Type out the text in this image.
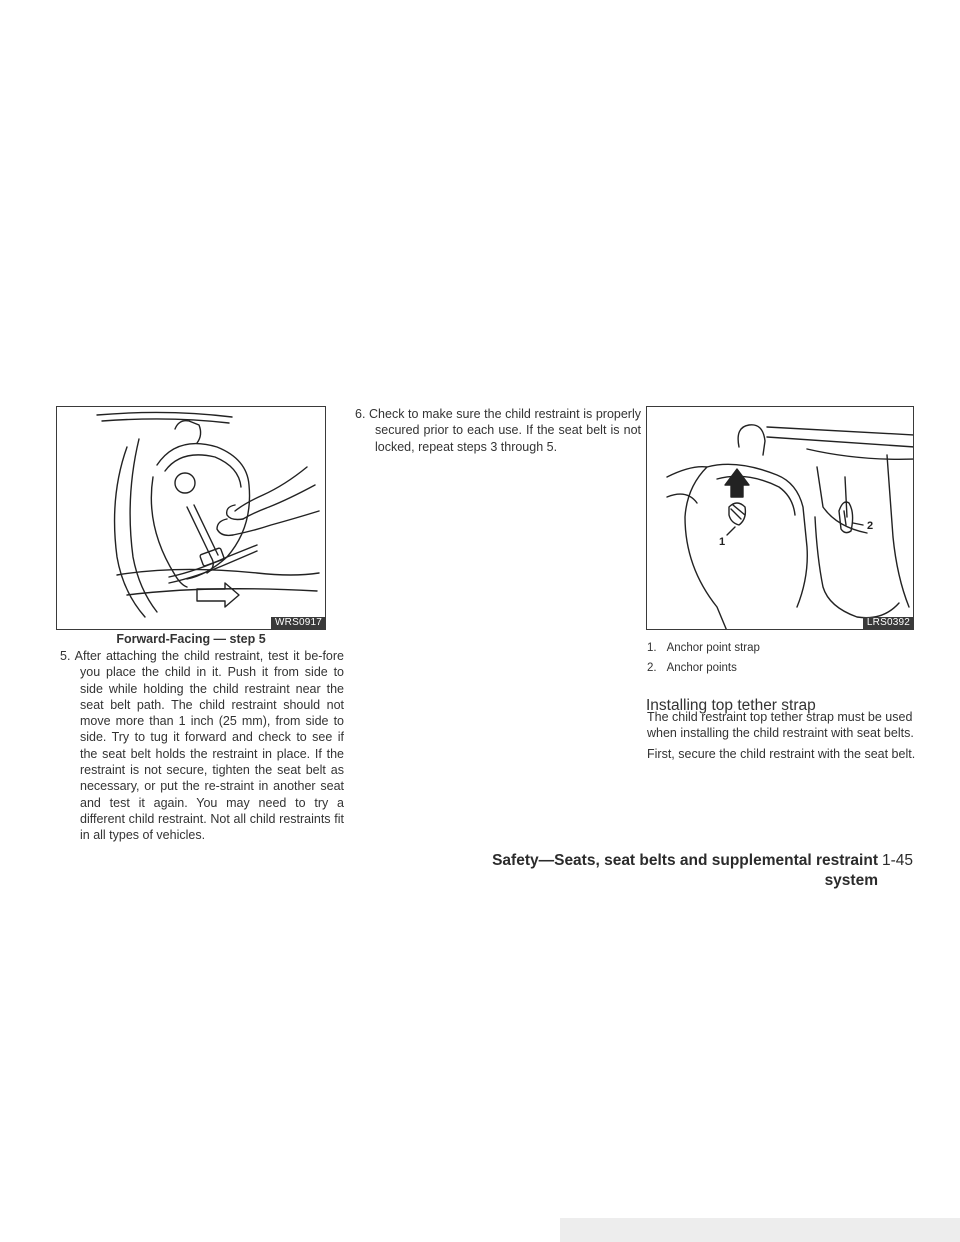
WRS0917
Forward-Facing — step 5
5. After attaching the child restraint, test it be-fore you place the child in it. Push it from side to side while holding the child restraint near the seat belt path. The child restraint should not move more than 1 inch (25 mm), from side to side. Try to tug it forward and check to see if the seat belt holds the restraint in place. If the restraint is not secure, tighten the seat belt as necessary, or put the re-straint in another seat and test it again. You may need to try a different child restraint. Not all child restraints fit in all types of vehicles.
6. Check to make sure the child restraint is properly secured prior to each use. If the seat belt is not locked, repeat steps 3 through 5.
1
2
LRS0392
1. Anchor point strap
2. Anchor points
Installing top tether strap
The child restraint top tether strap must be used when installing the child restraint with seat belts.
First, secure the child restraint with the seat belt.
Safety—Seats, seat belts and supplemental restraint system
1-45
